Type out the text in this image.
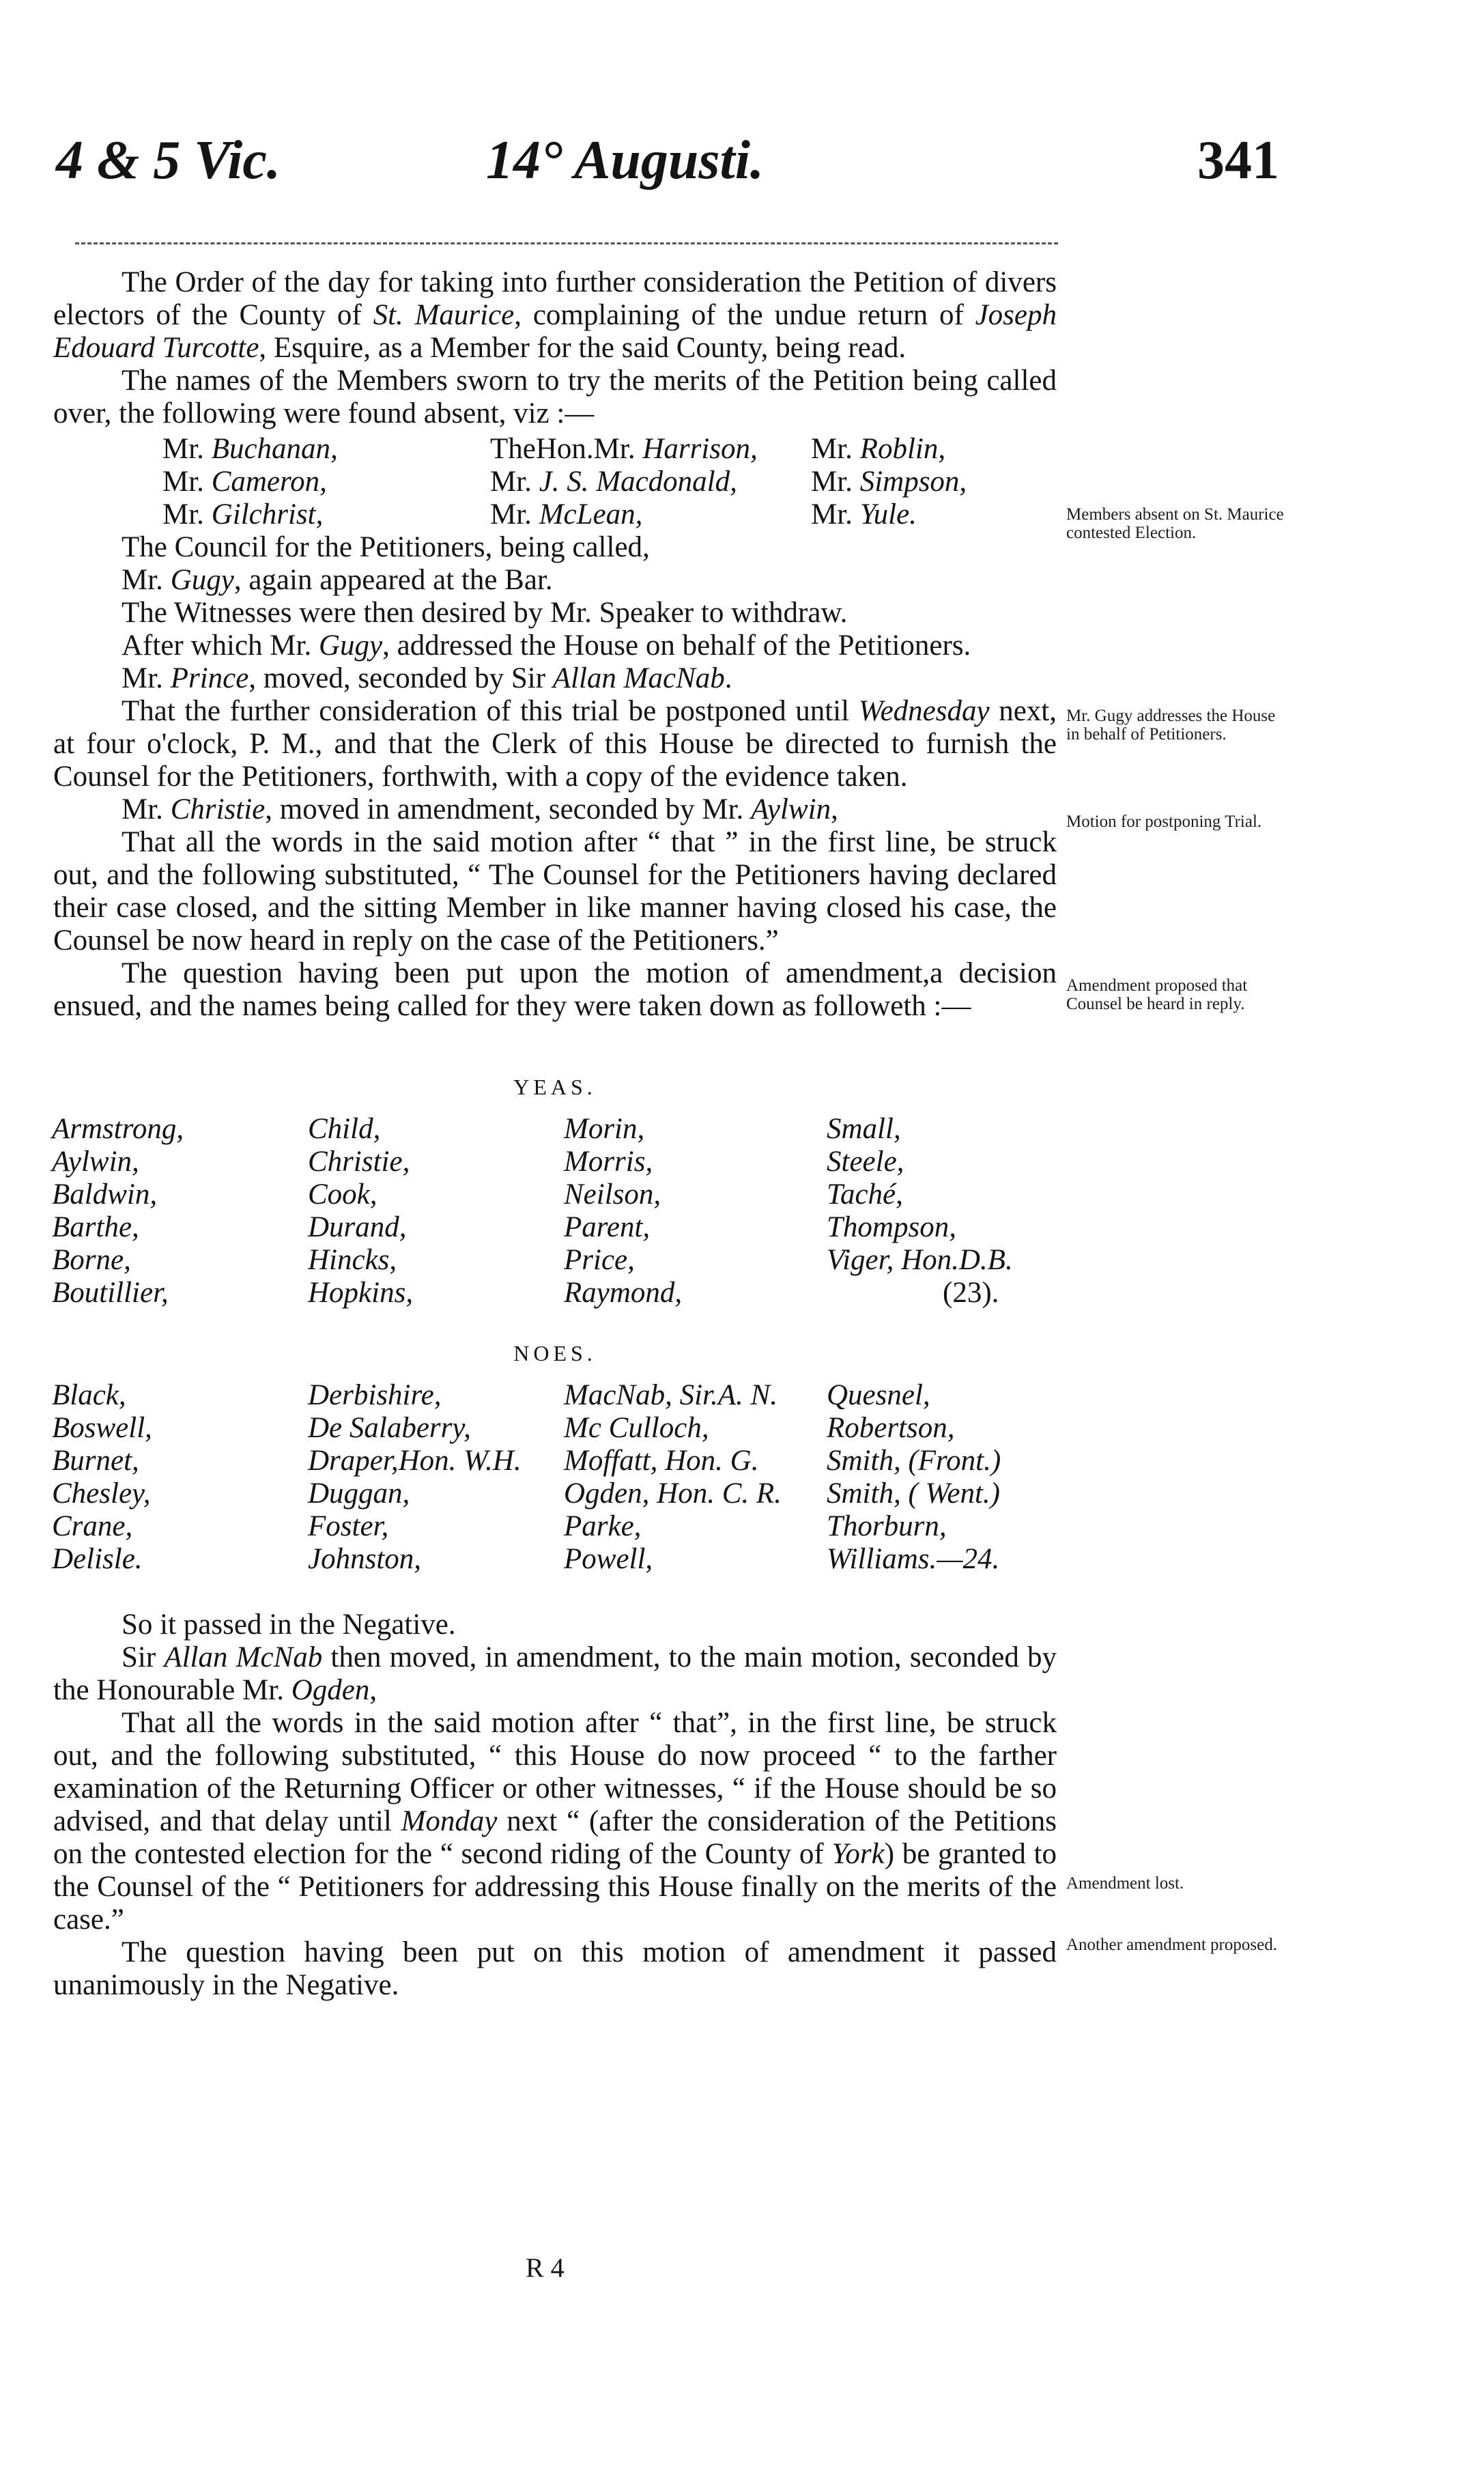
4 & 5 Vic.	14° Augusti.	341

The Order of the day for taking into further consideration the Petition of divers electors of the County of St. Maurice, complaining of the undue return of Joseph Edouard Turcotte, Esquire, as a Member for the said County, being read.

The names of the Members sworn to try the merits of the Petition being called over, the following were found absent, viz :—

Mr. Buchanan,	TheHon.Mr. Harrison,	Mr. Roblin,
Mr. Cameron,	Mr. J. S. Macdonald,	Mr. Simpson,
Mr. Gilchrist,	Mr. McLean,	Mr. Yule.

The Council for the Petitioners, being called,

Mr. Gugy, again appeared at the Bar.

The Witnesses were then desired by Mr. Speaker to withdraw.

After which Mr. Gugy, addressed the House on behalf of the Petitioners.

Mr. Prince, moved, seconded by Sir Allan MacNab.

That the further consideration of this trial be postponed until Wednesday next, at four o'clock, P. M., and that the Clerk of this House be directed to furnish the Counsel for the Petitioners, forthwith, with a copy of the evidence taken.

Mr. Christie, moved in amendment, seconded by Mr. Aylwin,

That all the words in the said motion after “ that ” in the first line, be struck out, and the following substituted, “ The Counsel for the Petitioners having declared their case closed, and the sitting Member in like manner having closed his case, the Counsel be now heard in reply on the case of the Petitioners.”

The question having been put upon the motion of amendment,a decision ensued, and the names being called for they were taken down as followeth :—

YEAS.
Armstrong,	Child,	Morin,	Small,
Aylwin,	Christie,	Morris,	Steele,
Baldwin,	Cook,	Neilson,	Taché,
Barthe,	Durand,	Parent,	Thompson,
Borne,	Hincks,	Price,	Viger, Hon.D.B.
Boutillier,	Hopkins,	Raymond,	(23).
NOES.
Black,	Derbishire,	MacNab, Sir.A. N.	Quesnel,
Boswell,	De Salaberry,	Mc Culloch,	Robertson,
Burnet,	Draper,Hon. W.H.	Moffatt, Hon. G.	Smith, (Front.)
Chesley,	Duggan,	Ogden, Hon. C. R.	Smith, ( Went.)
Crane,	Foster,	Parke,	Thorburn,
Delisle.	Johnston,	Powell,	Williams.—24.

So it passed in the Negative.

Sir Allan McNab then moved, in amendment, to the main motion, seconded by the Honourable Mr. Ogden,

That all the words in the said motion after “ that”, in the first line, be struck out, and the following substituted, “ this House do now proceed “ to the farther examination of the Returning Officer or other witnesses, “ if the House should be so advised, and that delay until Monday next “ (after the consideration of the Petitions on the contested election for the “ second riding of the County of York) be granted to the Counsel of the “ Petitioners for addressing this House finally on the merits of the case.”

The question having been put on this motion of amendment it passed unanimously in the Negative.

Members absent on St. Maurice contested Election.
Mr. Gugy addresses the House in behalf of Petitioners.
Motion for postponing Trial.
Amendment proposed that Counsel be heard in reply.
Amendment lost.
Another amendment proposed.
R 4
